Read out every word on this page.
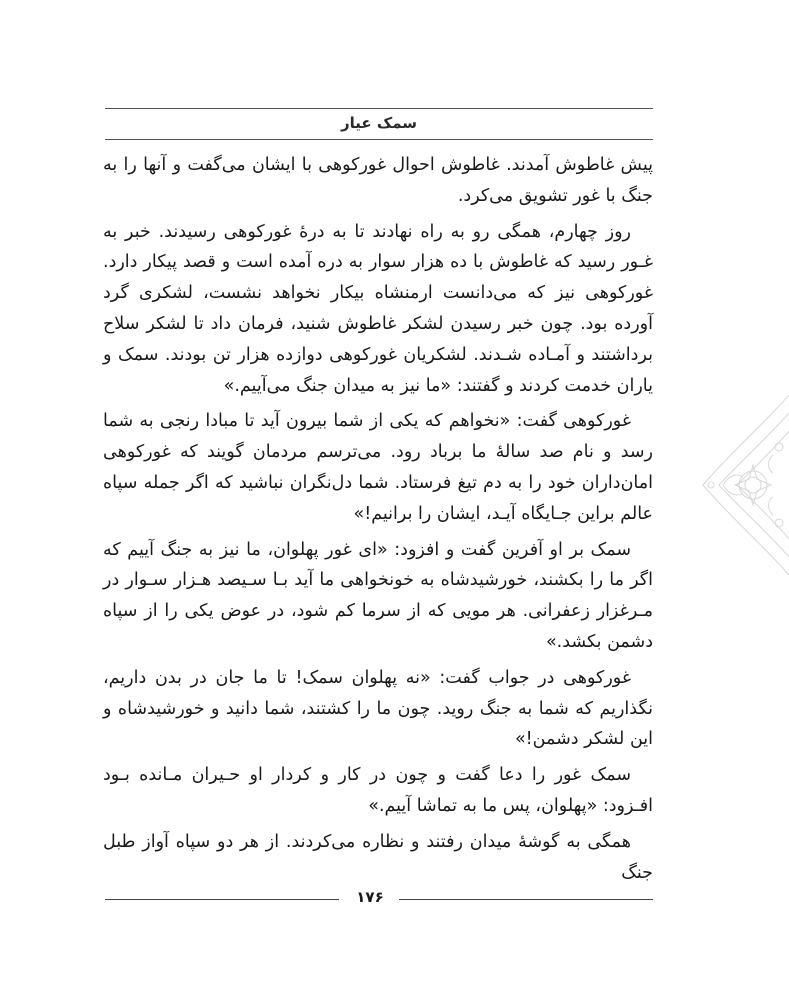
سمک عیار

پیش غاطوش آمدند. غاطوش احوال غورکوهی با ایشان می‌گفت و آنها را به جنگ با غور تشویق می‌کرد.

روز چهارم، همگی رو به راه نهادند تا به درهٔ غورکوهی رسیدند. خبر به غـور رسید که غاطوش با ده هزار سوار به دره آمده است و قصد پیکار دارد. غورکوهی نیز که می‌دانست ارمنشاه بیکار نخواهد نشست، لشکری گرد آورده بود. چون خبر رسیدن لشکر غاطوش شنید، فرمان داد تا لشکر سلاح برداشتند و آمـاده شـدند. لشکریان غورکوهی دوازده هزار تن بودند. سمک و یاران خدمت کردند و گفتند: «ما نیز به میدان جنگ می‌آییم.»

غورکوهی گفت: «نخواهم که یکی از شما بیرون آید تا مبادا رنجی به شما رسد و نام صد سالهٔ ما برباد رود. می‌ترسم مردمان گویند که غورکوهی امان‌داران خود را به دم تیغ فرستاد. شما دل‌نگران نباشید که اگر جمله سپاه عالم براین جـایگاه آیـد، ایشان را برانیم!»

سمک بر او آفرین گفت و افزود: «ای غور پهلوان، ما نیز به جنگ آییم که اگر ما را بکشند، خورشیدشاه به خونخواهی ما آید بـا سـیصد هـزار سـوار در مـرغزار زعفرانی. هر مویی که از سرما کم شود، در عوض یکی را از سپاه دشمن بکشد.»

غورکوهی در جواب گفت: «نه پهلوان سمک! تا ما جان در بدن داریم، نگذاریم که شما به جنگ روید. چون ما را کشتند، شما دانید و خورشیدشاه و این لشکر دشمن!»

سمک غور را دعا گفت و چون در کار و کردار او حـیران مـانده بـود افـزود: «پهلوان، پس ما به تماشا آییم.»

همگی به گوشهٔ میدان رفتند و نظاره می‌کردند. از هر دو سپاه آواز طبل جنگ

۱۷۶
